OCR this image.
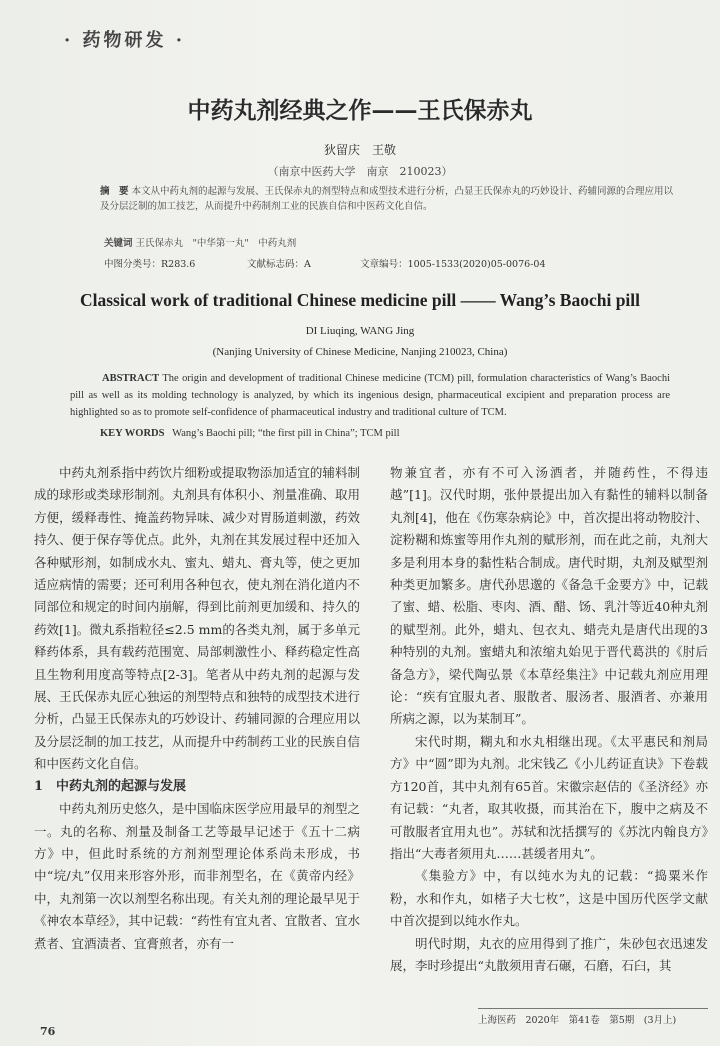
· 药物研发 ·
中药丸剂经典之作——王氏保赤丸
狄留庆　王敬
（南京中医药大学　南京　210023）
摘　要 本文从中药丸剂的起源与发展、王氏保赤丸的剂型特点和成型技术进行分析，凸显王氏保赤丸的巧妙设计、药辅同源的合理应用以及分层泛制的加工技艺，从而提升中药制剂工业的民族自信和中医药文化自信。
关键词 王氏保赤丸　"中华第一丸"　中药丸剂
中图分类号：R283.6	文献标志码：A	文章编号：1005-1533(2020)05-0076-04
Classical work of traditional Chinese medicine pill —— Wang’s Baochi pill
DI Liuqing, WANG Jing
(Nanjing University of Chinese Medicine, Nanjing 210023, China)
ABSTRACT The origin and development of traditional Chinese medicine (TCM) pill, formulation characteristics of Wang’s Baochi pill as well as its molding technology is analyzed, by which its ingenious design, pharmaceutical excipient and preparation process are highlighted so as to promote self-confidence of pharmaceutical industry and traditional culture of TCM.
KEY WORDS Wang’s Baochi pill; “the first pill in China”; TCM pill

中药丸剂系指中药饮片细粉或提取物添加适宜的辅料制成的球形或类球形制剂。丸剂具有体积小、剂量准确、取用方便，缓释毒性、掩盖药物异味、减少对胃肠道刺激，药效持久、便于保存等优点。此外，丸剂在其发展过程中还加入各种赋形剂，如制成水丸、蜜丸、蜡丸、膏丸等，使之更加适应病情的需要；还可利用各种包衣，使丸剂在消化道内不同部位和规定的时间内崩解，得到比前剂更加缓和、持久的药效[1]。微丸系指粒径≤2.5 mm的各类丸剂，属于多单元释药体系，具有载药范围宽、局部刺激性小、释药稳定性高且生物利用度高等特点[2-3]。笔者从中药丸剂的起源与发展、王氏保赤丸匠心独运的剂型特点和独特的成型技术进行分析，凸显王氏保赤丸的巧妙设计、药辅同源的合理应用以及分层泛制的加工技艺，从而提升中药制药工业的民族自信和中医药文化自信。

1　中药丸剂的起源与发展

中药丸剂历史悠久，是中国临床医学应用最早的剂型之一。丸的名称、剂量及制备工艺等最早记述于《五十二病方》中，但此时系统的方剂剂型理论体系尚未形成，书中“垸/丸”仅用来形容外形，而非剂型名，在《黄帝内经》中，丸剂第一次以剂型名称出现。有关丸剂的理论最早见于《神农本草经》，其中记载：“药性有宜丸者、宜散者、宜水煮者、宜酒渍者、宜膏煎者，亦有一

物兼宜者，亦有不可入汤酒者，并随药性，不得违越”[1]。汉代时期，张仲景提出加入有黏性的辅料以制备丸剂[4]，他在《伤寒杂病论》中，首次提出将动物胶汁、淀粉糊和炼蜜等用作丸剂的赋形剂，而在此之前，丸剂大多是利用本身的黏性粘合制成。唐代时期，丸剂及赋型剂种类更加繁多。唐代孙思邈的《备急千金要方》中，记载了蜜、蜡、松脂、枣肉、酒、醋、饧、乳汁等近40种丸剂的赋型剂。此外，蜡丸、包衣丸、蜡壳丸是唐代出现的3种特别的丸剂。蜜蜡丸和浓缩丸始见于晋代葛洪的《肘后备急方》，梁代陶弘景《本草经集注》中记载丸剂应用理论：“疾有宜服丸者、服散者、服汤者、服酒者、亦兼用所病之源，以为某制耳”。

宋代时期，糊丸和水丸相继出现。《太平惠民和剂局方》中“圆”即为丸剂。北宋钱乙《小儿药证直诀》下卷载方120首，其中丸剂有65首。宋徽宗赵佶的《圣济经》亦有记载：“丸者，取其收摄，而其治在下，腹中之病及不可散服者宜用丸也”。苏轼和沈括撰写的《苏沈内翰良方》指出“大毒者须用丸……甚缓者用丸”。

《集验方》中，有以纯水为丸的记载：“捣粟米作粉，水和作丸，如楮子大七枚”，这是中国历代医学文献中首次提到以纯水作丸。

明代时期，丸衣的应用得到了推广，朱砂包衣迅速发展，李时珍提出“丸散须用青石碾，石磨，石臼，其

上海医药　2020年　第41卷　第5期　(3月上)
76
